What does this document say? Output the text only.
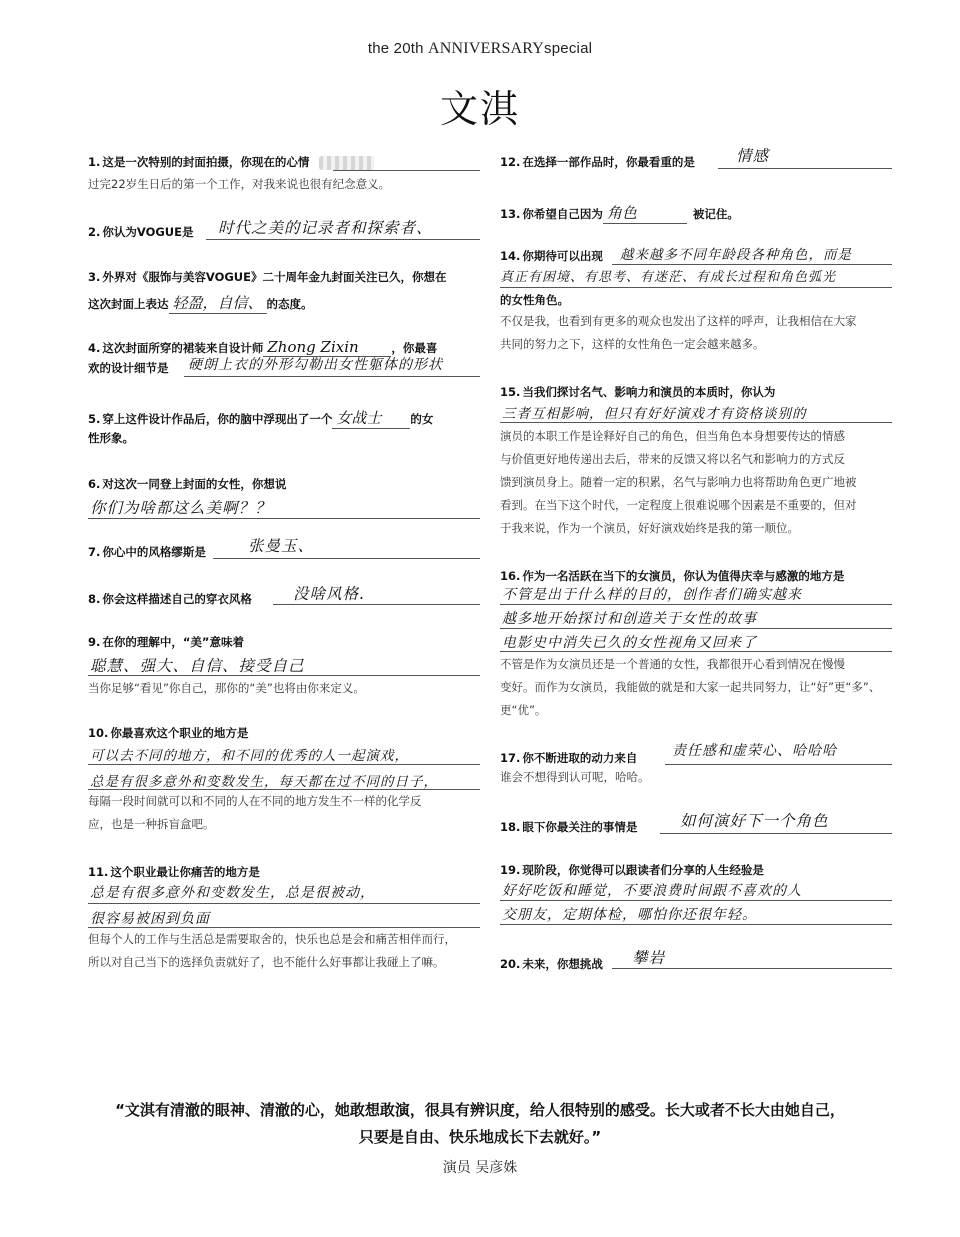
the 20th ANNIVERSARYspecial
文淇
1. 这是一次特别的封面拍摄，你现在的心情
过完22岁生日后的第一个工作，对我来说也很有纪念意义。
2. 你认为VOGUE是	时代之美的记录者和探索者、
3. 外界对《服饰与美容VOGUE》二十周年金九封面关注已久，你想在
这次封面上表达 轻盈，自信、 的态度。
4. 这次封面所穿的裙装来自设计师 Zhong Zixin	，你最喜
欢的设计细节是	硬朗上衣的外形勾勒出女性躯体的形状
5. 穿上这件设计作品后，你的脑中浮现出了一个 女战士	的女
性形象。
6. 对这次一同登上封面的女性，你想说
你们为啥都这么美啊？？
7. 你心中的风格缪斯是	张曼玉、
8. 你会这样描述自己的穿衣风格	没啥风格.
9. 在你的理解中，“美”意味着
聪慧、强大、自信、接受自己
当你足够“看见”你自己，那你的“美”也将由你来定义。
10. 你最喜欢这个职业的地方是
可以去不同的地方，和不同的优秀的人一起演戏，
总是有很多意外和变数发生，每天都在过不同的日子，
每隔一段时间就可以和不同的人在不同的地方发生不一样的化学反
应，也是一种拆盲盒吧。
11. 这个职业最让你痛苦的地方是
总是有很多意外和变数发生，总是很被动，
很容易被困到负面
但每个人的工作与生活总是需要取舍的，快乐也总是会和痛苦相伴而行，
所以对自己当下的选择负责就好了，也不能什么好事都让我碰上了嘛。
12. 在选择一部作品时，你最看重的是	情感
13. 你希望自己因为 角色	被记住。
14. 你期待可以出现	越来越多不同年龄段各种角色，而是
真正有困境、有思考、有迷茫、有成长过程和角色弧光
的女性角色。
不仅是我，也看到有更多的观众也发出了这样的呼声，让我相信在大家
共同的努力之下，这样的女性角色一定会越来越多。
15. 当我们探讨名气、影响力和演员的本质时，你认为
三者互相影响，但只有好好演戏才有资格谈别的
演员的本职工作是诠释好自己的角色，但当角色本身想要传达的情感
与价值更好地传递出去后，带来的反馈又将以名气和影响力的方式反
馈到演员身上。随着一定的积累，名气与影响力也将帮助角色更广地被
看到。在当下这个时代，一定程度上很难说哪个因素是不重要的，但对
于我来说，作为一个演员，好好演戏始终是我的第一顺位。
16. 作为一名活跃在当下的女演员，你认为值得庆幸与感激的地方是
不管是出于什么样的目的，创作者们确实越来
越多地开始探讨和创造关于女性的故事
电影史中消失已久的女性视角又回来了
不管是作为女演员还是一个普通的女性，我都很开心看到情况在慢慢
变好。而作为女演员，我能做的就是和大家一起共同努力，让“好”更“多”、
更“优”。
17. 你不断进取的动力来自	责任感和虚荣心、哈哈哈
谁会不想得到认可呢，哈哈。
18. 眼下你最关注的事情是	如何演好下一个角色
19. 现阶段，你觉得可以跟读者们分享的人生经验是
好好吃饭和睡觉，不要浪费时间跟不喜欢的人
交朋友，定期体检，哪怕你还很年轻。
20. 未来，你想挑战	攀岩
“文淇有清澈的眼神、清澈的心，她敢想敢演，很具有辨识度，给人很特别的感受。长大或者不长大由她自己，
只要是自由、快乐地成长下去就好。”
演员 吴彦姝
